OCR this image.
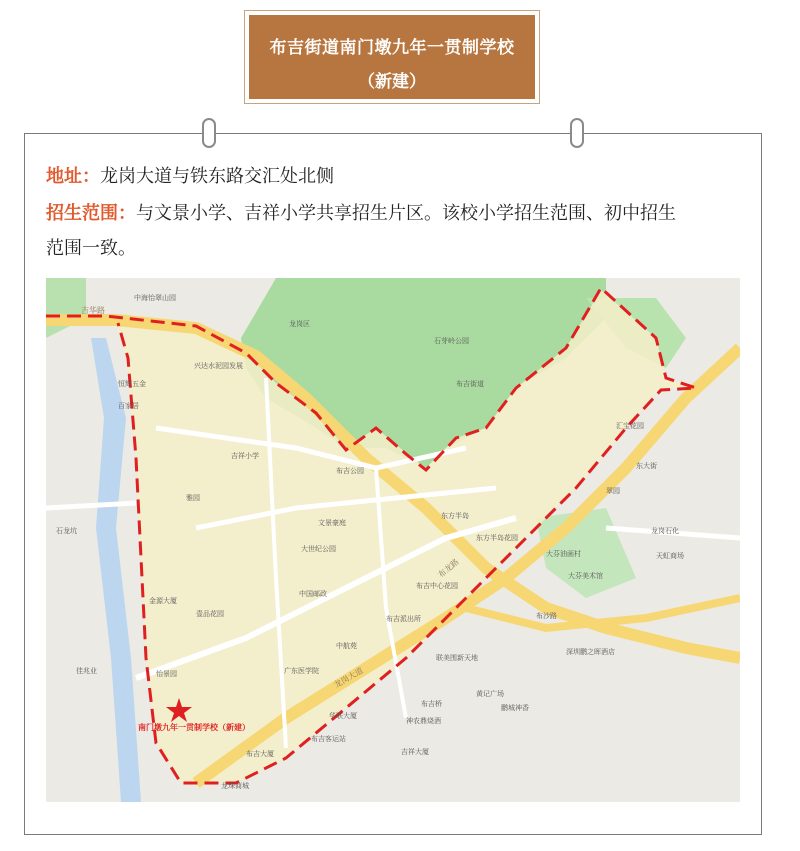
布吉街道南门墩九年一贯制学校
（新建）
地址：龙岗大道与铁东路交汇处北侧
招生范围：与文景小学、吉祥小学共享招生片区。该校小学招生范围、初中招生
范围一致。
中海怡翠山园
兴达水泥园发展
龙岗区
石芽岭公园
布吉街道
吉祥小学
文景豪庭
布吉中心花园
大世纪公园
东方半岛
百家居
恒辉五金
金源大厦
中国邮政
东方半岛花园
布吉派出所
大芬美术馆
大芬油画村
深圳鹏之晖酒店
联美围新天地
黄记广场
鹏城神香
神农鼎烧酒
华联大厦
广东医学院
怡景园
壹品花园
雅园
布吉公园
布吉桥
布吉客运站
布吉大厦
佳兆业
龙珠商城
吉祥大厦
中航苑
东大街
翠园
汇宝花园
龙岗石化
天虹商场
石龙坑
布沙路
布龙路
龙岗大道
吉华路
南门墩九年一贯制学校（新建）
